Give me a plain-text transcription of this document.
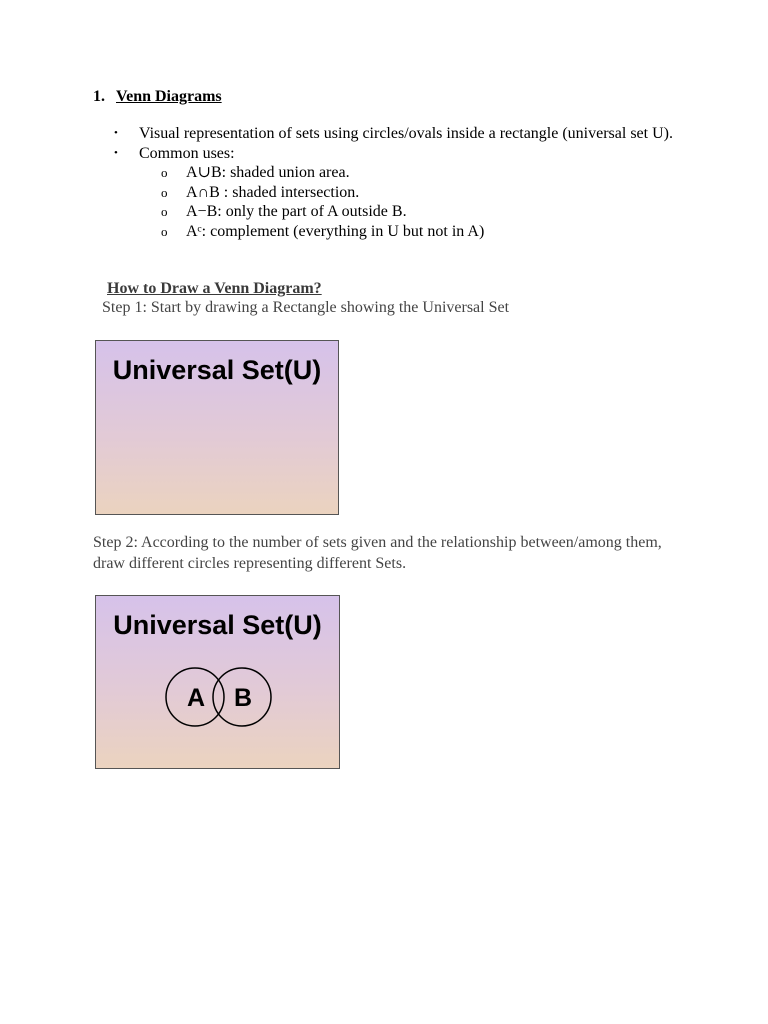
1. Venn Diagrams
•	Visual representation of sets using circles/ovals inside a rectangle (universal set U).
•	Common uses:
o	A∪B: shaded union area.
o	A∩B : shaded intersection.
o	A−B: only the part of A outside B.
o	Aᶜ: complement (everything in U but not in A)
How to Draw a Venn Diagram?
Step 1: Start by drawing a Rectangle showing the Universal Set
Universal Set(U)
Step 2: According to the number of sets given and the relationship between/among them, draw different circles representing different Sets.
Universal Set(U)
A B
